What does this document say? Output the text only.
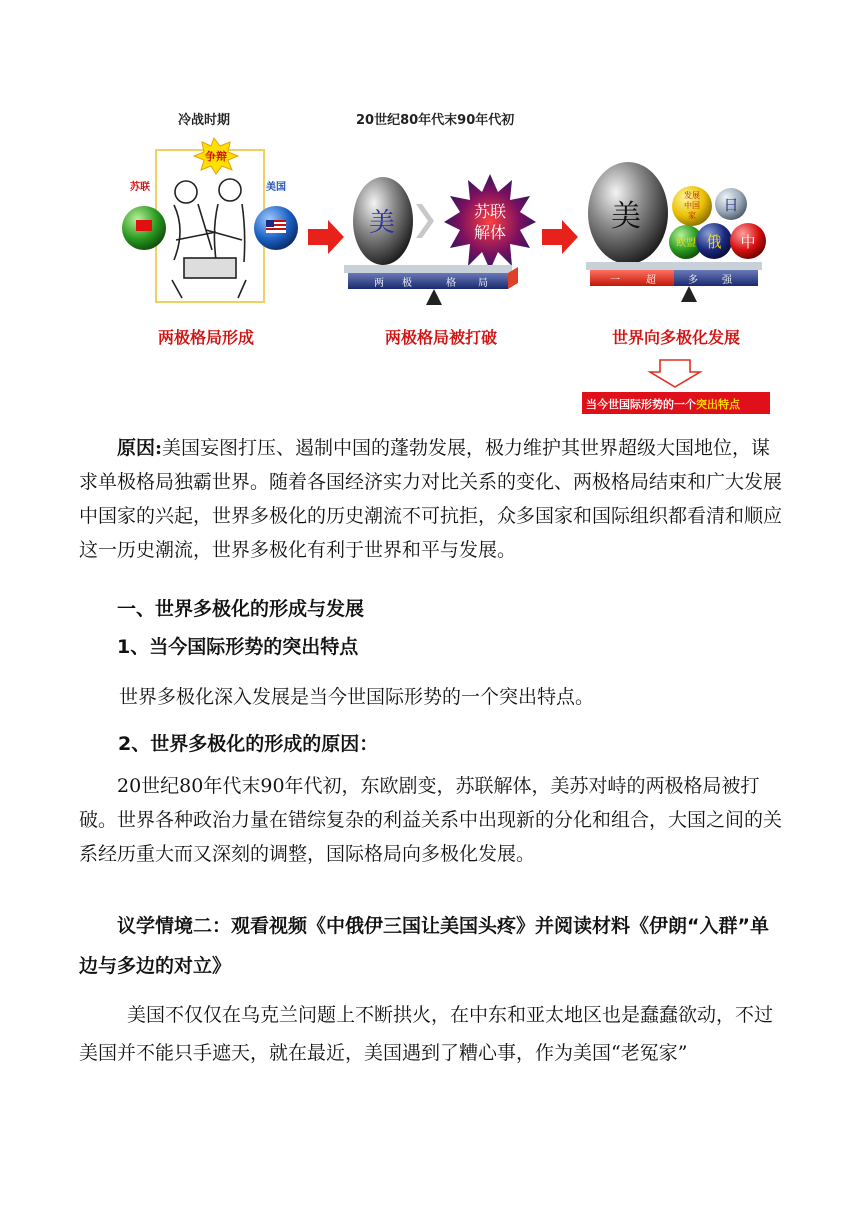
冷战时期
争辩
苏联	美国
两极格局形成
20世纪80年代末90年代初
美	苏联
解体
两 极	格 局
两极格局被打破
美
发展
中国
家
日
欧盟 俄 中
一	超	多 强
世界向多极化发展
当今世国际形势的一个突出特点

原因:美国妄图打压、遏制中国的蓬勃发展，极力维护其世界超级大国地位，谋求单极格局独霸世界。随着各国经济实力对比关系的变化、两极格局结束和广大发展中国家的兴起，世界多极化的历史潮流不可抗拒，众多国家和国际组织都看清和顺应这一历史潮流，世界多极化有利于世界和平与发展。

一、世界多极化的形成与发展
1、当今国际形势的突出特点
世界多极化深入发展是当今世国际形势的一个突出特点。
2、世界多极化的形成的原因：

20世纪80年代末90年代初，东欧剧变，苏联解体，美苏对峙的两极格局被打破。世界各种政治力量在错综复杂的利益关系中出现新的分化和组合，大国之间的关系经历重大而又深刻的调整，国际格局向多极化发展。

议学情境二：观看视频《中俄伊三国让美国头疼》并阅读材料《伊朗“入群”单边与多边的对立》

美国不仅仅在乌克兰问题上不断拱火，在中东和亚太地区也是蠢蠢欲动，不过美国并不能只手遮天，就在最近，美国遇到了糟心事，作为美国“老冤家”
